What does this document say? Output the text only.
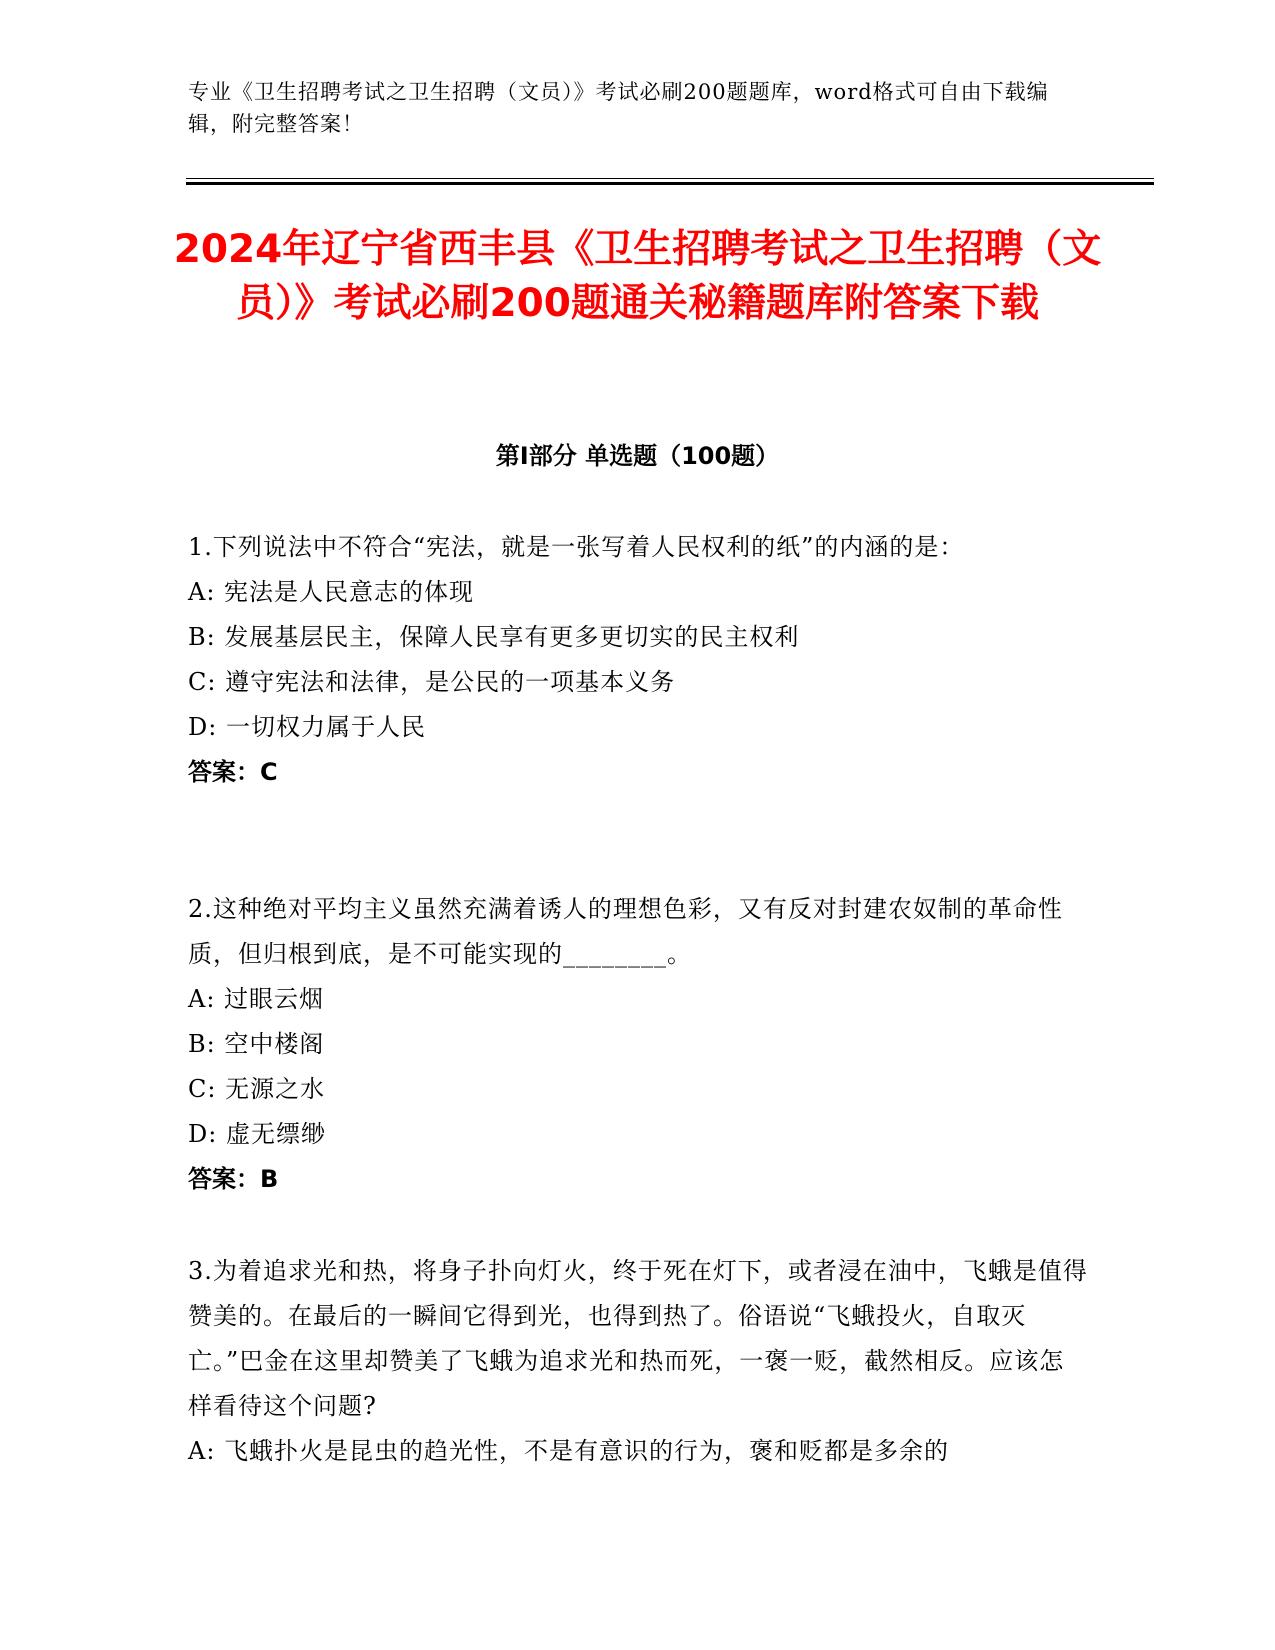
专业《卫生招聘考试之卫生招聘（文员）》考试必刷200题题库，word格式可自由下载编辑，附完整答案！
2024年辽宁省西丰县《卫生招聘考试之卫生招聘（文员）》考试必刷200题通关秘籍题库附答案下载
第I部分 单选题（100题）
1.下列说法中不符合“宪法，就是一张写着人民权利的纸”的内涵的是：
A: 宪法是人民意志的体现
B: 发展基层民主，保障人民享有更多更切实的民主权利
C: 遵守宪法和法律，是公民的一项基本义务
D: 一切权力属于人民
答案：C
2.这种绝对平均主义虽然充满着诱人的理想色彩，又有反对封建农奴制的革命性质，但归根到底，是不可能实现的________。
A: 过眼云烟
B: 空中楼阁
C: 无源之水
D: 虚无缥缈
答案：B
3.为着追求光和热，将身子扑向灯火，终于死在灯下，或者浸在油中，飞蛾是值得赞美的。在最后的一瞬间它得到光，也得到热了。俗语说“飞蛾投火，自取灭亡。”巴金在这里却赞美了飞蛾为追求光和热而死，一褒一贬，截然相反。应该怎样看待这个问题?
A: 飞蛾扑火是昆虫的趋光性，不是有意识的行为，褒和贬都是多余的
